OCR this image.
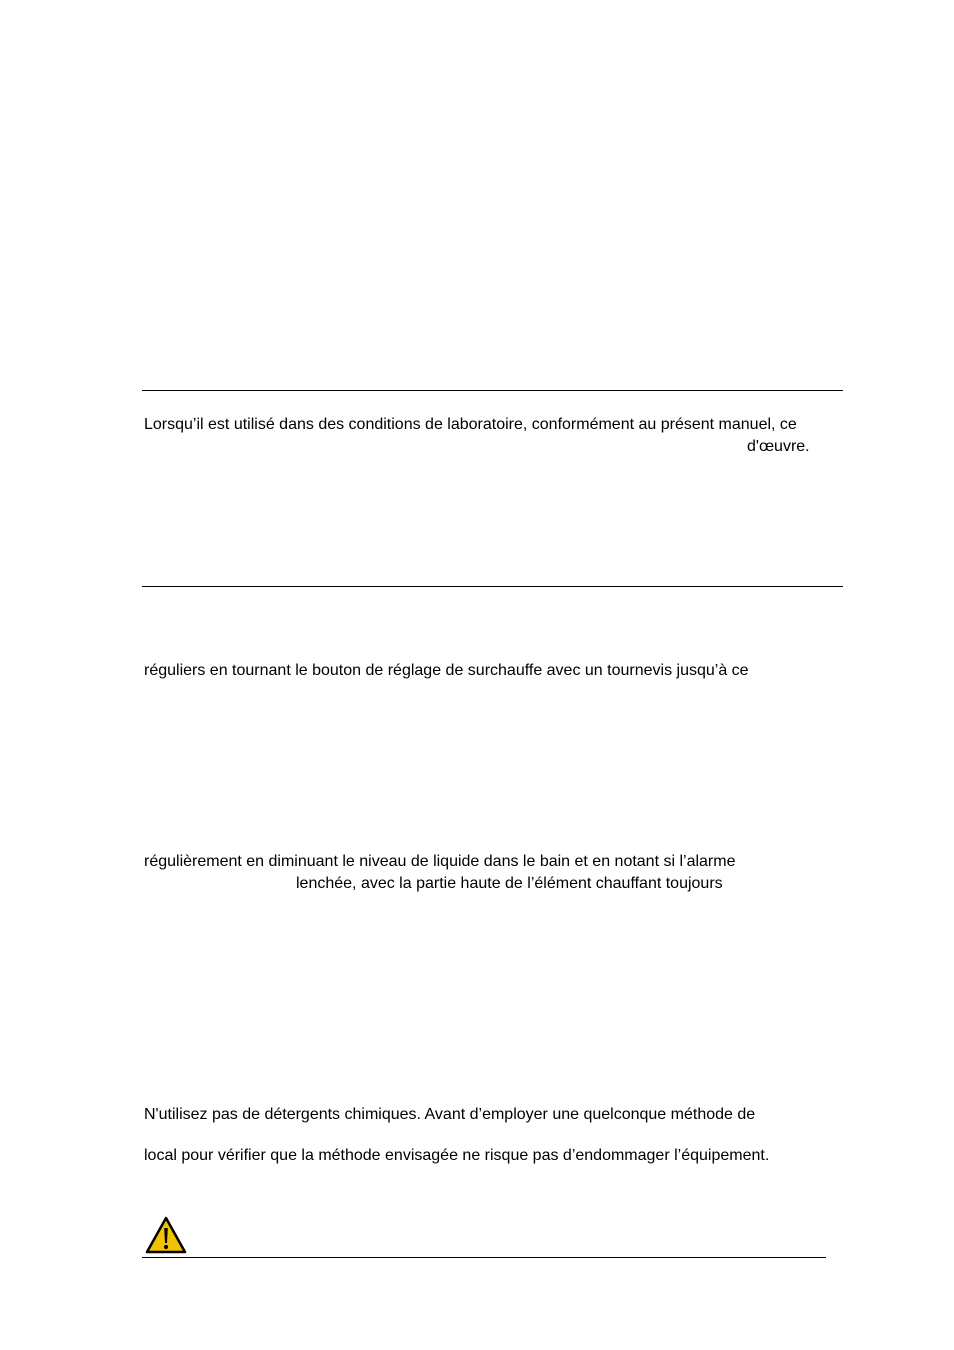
Lorsqu’il est utilisé dans des conditions de laboratoire, conformément au présent manuel, ce
d'œuvre.
réguliers en tournant le bouton de réglage de surchauffe avec un tournevis jusqu’à ce
régulièrement en diminuant le niveau de liquide dans le bain et en notant si l’alarme
lenchée, avec la partie haute de l’élément chauffant toujours
N'utilisez pas de détergents chimiques. Avant d’employer une quelconque méthode de
local pour vérifier que la méthode envisagée ne risque pas d’endommager l’équipement.
